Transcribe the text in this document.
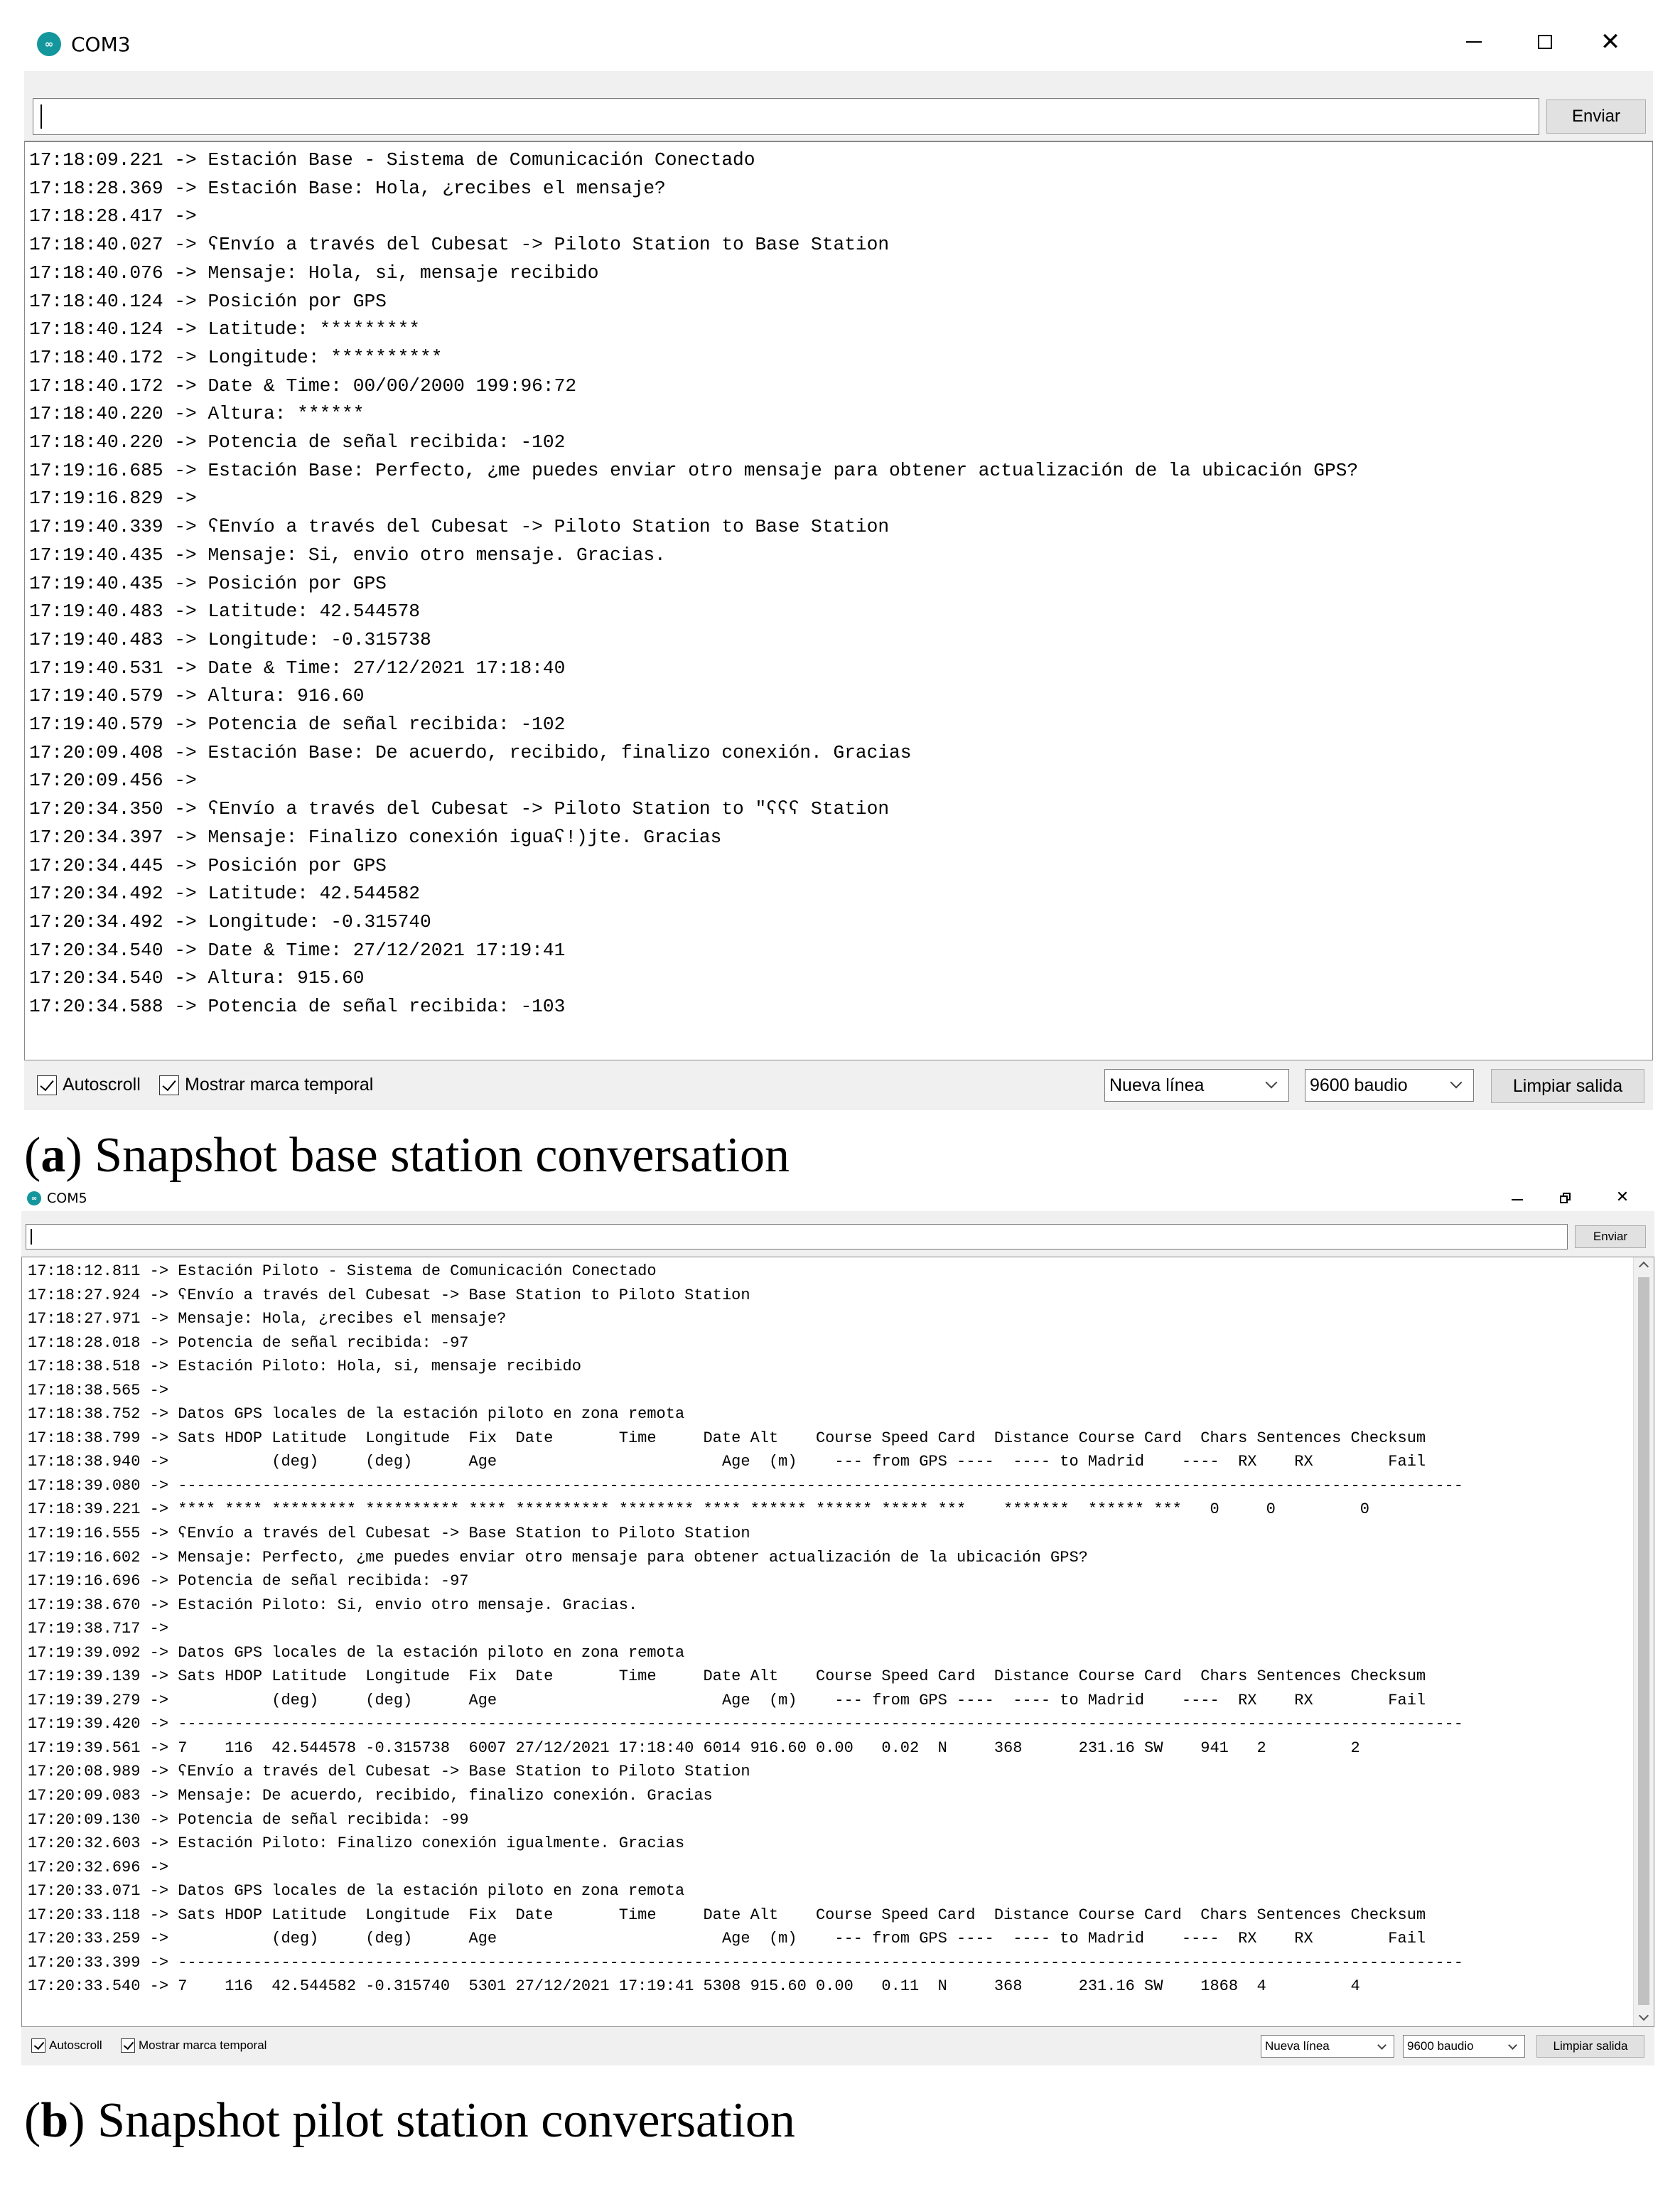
∞ COM3	✕
Enviar
17:18:09.221 -> Estación Base - Sistema de Comunicación Conectado
17:18:28.369 -> Estación Base: Hola, ¿recibes el mensaje?
17:18:28.417 ->
17:18:40.027 -> ʕEnvío a través del Cubesat -> Piloto Station to Base Station
17:18:40.076 -> Mensaje: Hola, si, mensaje recibido
17:18:40.124 -> Posición por GPS
17:18:40.124 -> Latitude: *********
17:18:40.172 -> Longitude: **********
17:18:40.172 -> Date & Time: 00/00/2000 199:96:72
17:18:40.220 -> Altura: ******
17:18:40.220 -> Potencia de señal recibida: -102
17:19:16.685 -> Estación Base: Perfecto, ¿me puedes enviar otro mensaje para obtener actualización de la ubicación GPS?
17:19:16.829 ->
17:19:40.339 -> ʕEnvío a través del Cubesat -> Piloto Station to Base Station
17:19:40.435 -> Mensaje: Si, envio otro mensaje. Gracias.
17:19:40.435 -> Posición por GPS
17:19:40.483 -> Latitude: 42.544578
17:19:40.483 -> Longitude: -0.315738
17:19:40.531 -> Date & Time: 27/12/2021 17:18:40
17:19:40.579 -> Altura: 916.60
17:19:40.579 -> Potencia de señal recibida: -102
17:20:09.408 -> Estación Base: De acuerdo, recibido, finalizo conexión. Gracias
17:20:09.456 ->
17:20:34.350 -> ʕEnvío a través del Cubesat -> Piloto Station to "ʕʕʕ Station
17:20:34.397 -> Mensaje: Finalizo conexión iguaʕ!)jte. Gracias
17:20:34.445 -> Posición por GPS
17:20:34.492 -> Latitude: 42.544582
17:20:34.492 -> Longitude: -0.315740
17:20:34.540 -> Date & Time: 27/12/2021 17:19:41
17:20:34.540 -> Altura: 915.60
17:20:34.588 -> Potencia de señal recibida: -103
Autoscroll Mostrar marca temporal	Nueva línea	9600 baudio	Limpiar salida
(a) Snapshot base station conversation
∞ COM5	✕
Enviar
17:18:12.811 -> Estación Piloto - Sistema de Comunicación Conectado
17:18:27.924 -> ʕEnvío a través del Cubesat -> Base Station to Piloto Station
17:18:27.971 -> Mensaje: Hola, ¿recibes el mensaje?
17:18:28.018 -> Potencia de señal recibida: -97
17:18:38.518 -> Estación Piloto: Hola, si, mensaje recibido
17:18:38.565 ->
17:18:38.752 -> Datos GPS locales de la estación piloto en zona remota
17:18:38.799 -> Sats HDOP Latitude  Longitude  Fix  Date       Time     Date Alt    Course Speed Card  Distance Course Card  Chars Sentences Checksum
17:18:38.940 ->           (deg)     (deg)      Age                        Age  (m)    --- from GPS ----  ---- to Madrid    ----  RX    RX        Fail
17:18:39.080 -> -----------------------------------------------------------------------------------------------------------------------------------------
17:18:39.221 -> **** **** ********* ********** **** ********** ******** **** ****** ****** ***** ***    *******  ****** ***   0     0         0
17:19:16.555 -> ʕEnvío a través del Cubesat -> Base Station to Piloto Station
17:19:16.602 -> Mensaje: Perfecto, ¿me puedes enviar otro mensaje para obtener actualización de la ubicación GPS?
17:19:16.696 -> Potencia de señal recibida: -97
17:19:38.670 -> Estación Piloto: Si, envio otro mensaje. Gracias.
17:19:38.717 ->
17:19:39.092 -> Datos GPS locales de la estación piloto en zona remota
17:19:39.139 -> Sats HDOP Latitude  Longitude  Fix  Date       Time     Date Alt    Course Speed Card  Distance Course Card  Chars Sentences Checksum
17:19:39.279 ->           (deg)     (deg)      Age                        Age  (m)    --- from GPS ----  ---- to Madrid    ----  RX    RX        Fail
17:19:39.420 -> -----------------------------------------------------------------------------------------------------------------------------------------
17:19:39.561 -> 7    116  42.544578 -0.315738  6007 27/12/2021 17:18:40 6014 916.60 0.00   0.02  N     368      231.16 SW    941   2         2
17:20:08.989 -> ʕEnvío a través del Cubesat -> Base Station to Piloto Station
17:20:09.083 -> Mensaje: De acuerdo, recibido, finalizo conexión. Gracias
17:20:09.130 -> Potencia de señal recibida: -99
17:20:32.603 -> Estación Piloto: Finalizo conexión igualmente. Gracias
17:20:32.696 ->
17:20:33.071 -> Datos GPS locales de la estación piloto en zona remota
17:20:33.118 -> Sats HDOP Latitude  Longitude  Fix  Date       Time     Date Alt    Course Speed Card  Distance Course Card  Chars Sentences Checksum
17:20:33.259 ->           (deg)     (deg)      Age                        Age  (m)    --- from GPS ----  ---- to Madrid    ----  RX    RX        Fail
17:20:33.399 -> -----------------------------------------------------------------------------------------------------------------------------------------
17:20:33.540 -> 7    116  42.544582 -0.315740  5301 27/12/2021 17:19:41 5308 915.60 0.00   0.11  N     368      231.16 SW    1868  4         4
Autoscroll	Mostrar marca temporal	Nueva línea	9600 baudio	Limpiar salida
(b) Snapshot pilot station conversation
